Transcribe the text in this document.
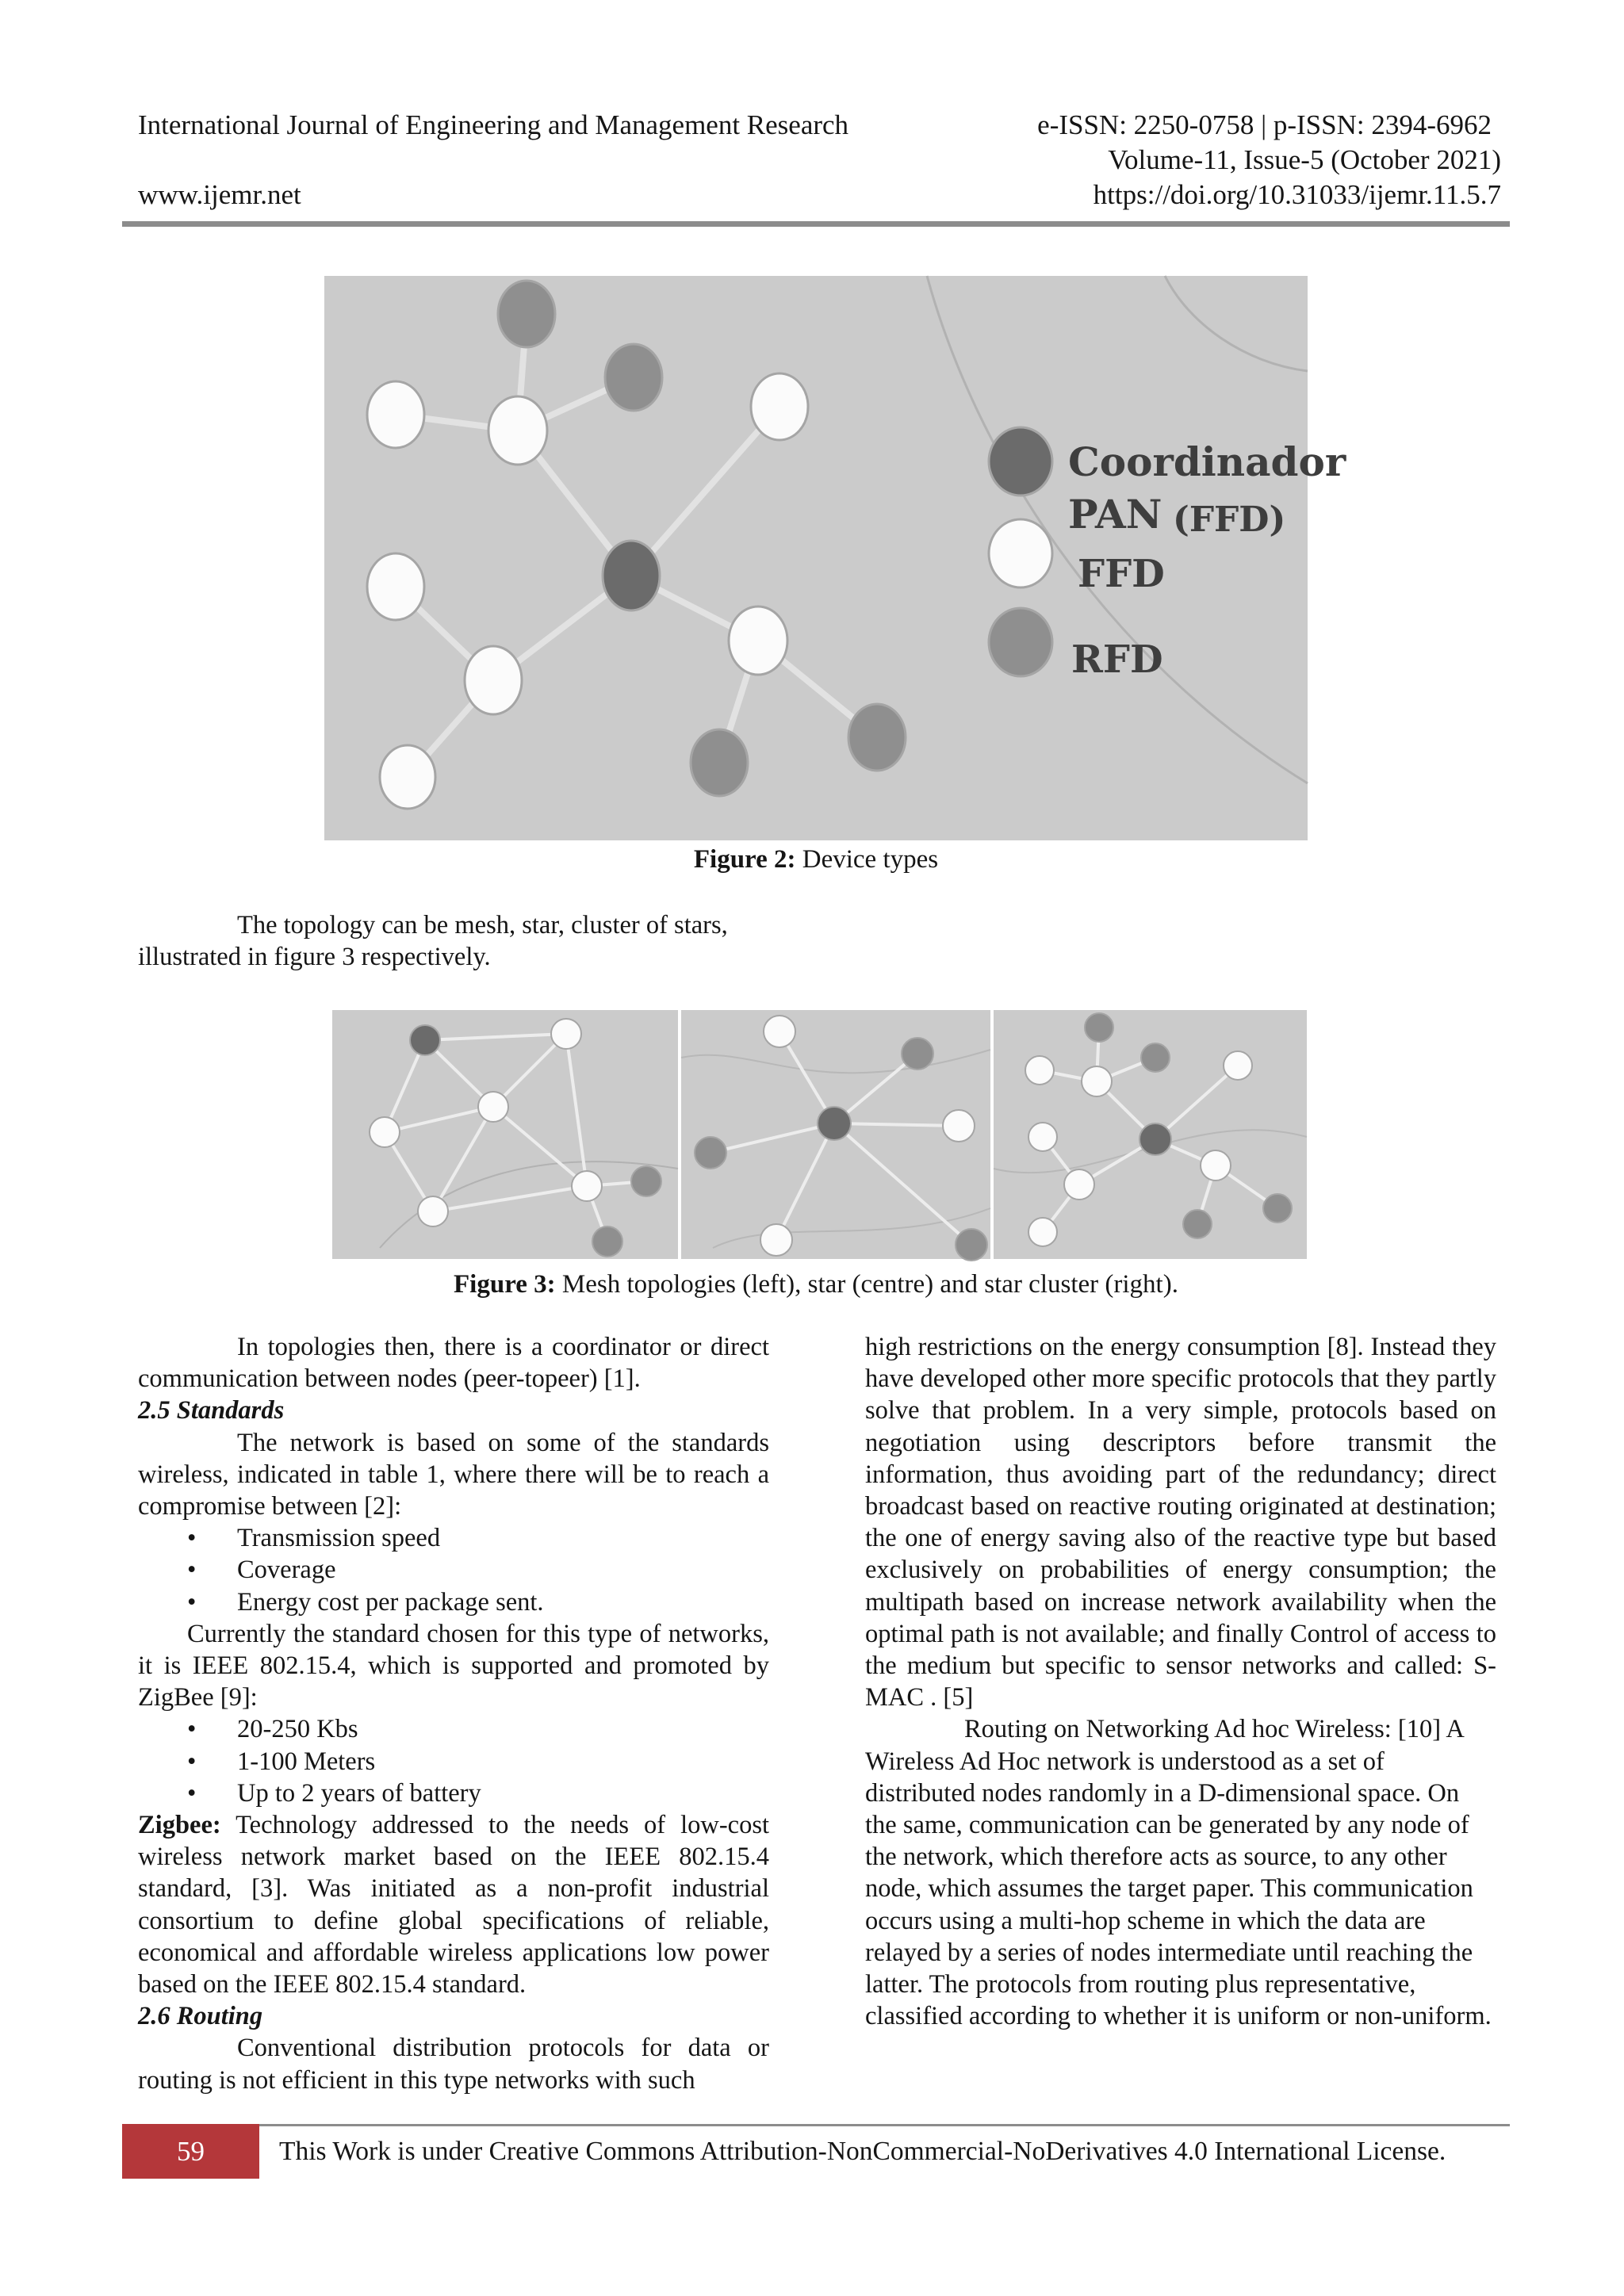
International Journal of Engineering and Management Research	e-ISSN: 2250-0758 | p-ISSN: 2394-6962
Volume-11, Issue-5 (October 2021)
www.ijemr.net	https://doi.org/10.31033/ijemr.11.5.7
Coordinador
PAN (FFD)
FFD
RFD
Figure 2: Device types

The topology can be mesh, star, cluster of stars, illustrated in figure 3 respectively.

Figure 3: Mesh topologies (left), star (centre) and star cluster (right).

In topologies then, there is a coordinator or direct communication between nodes (peer-topeer) [1].

2.5 Standards

The network is based on some of the standards wireless, indicated in table 1, where there will be to reach a compromise between [2]:

• Transmission speed
• Coverage
• Energy cost per package sent.

Currently the standard chosen for this type of networks, it is IEEE 802.15.4, which is supported and promoted by ZigBee [9]:

• 20-250 Kbs
• 1-100 Meters
• Up to 2 years of battery

Zigbee: Technology addressed to the needs of low-cost wireless network market based on the IEEE 802.15.4 standard, [3]. Was initiated as a non-profit industrial consortium to define global specifications of reliable, economical and affordable wireless applications low power based on the IEEE 802.15.4 standard.

2.6 Routing

Conventional distribution protocols for data or routing is not efficient in this type networks with such

high restrictions on the energy consumption [8]. Instead they have developed other more specific protocols that they partly solve that problem. In a very simple, protocols based on negotiation using descriptors before transmit the information, thus avoiding part of the redundancy; direct broadcast based on reactive routing originated at destination; the one of energy saving also of the reactive type but based exclusively on probabilities of energy consumption; the multipath based on increase network availability when the optimal path is not available; and finally Control of access to the medium but specific to sensor networks and called: S-MAC . [5]

Routing on Networking Ad hoc Wireless: [10] A Wireless Ad Hoc network is understood as a set of distributed nodes randomly in a D-dimensional space. On the same, communication can be generated by any node of the network, which therefore acts as source, to any other node, which assumes the target paper. This communication occurs using a multi-hop scheme in which the data are relayed by a series of nodes intermediate until reaching the latter. The protocols from routing plus representative, classified according to whether it is uniform or non-uniform.

59	This Work is under Creative Commons Attribution-NonCommercial-NoDerivatives 4.0 International License.
